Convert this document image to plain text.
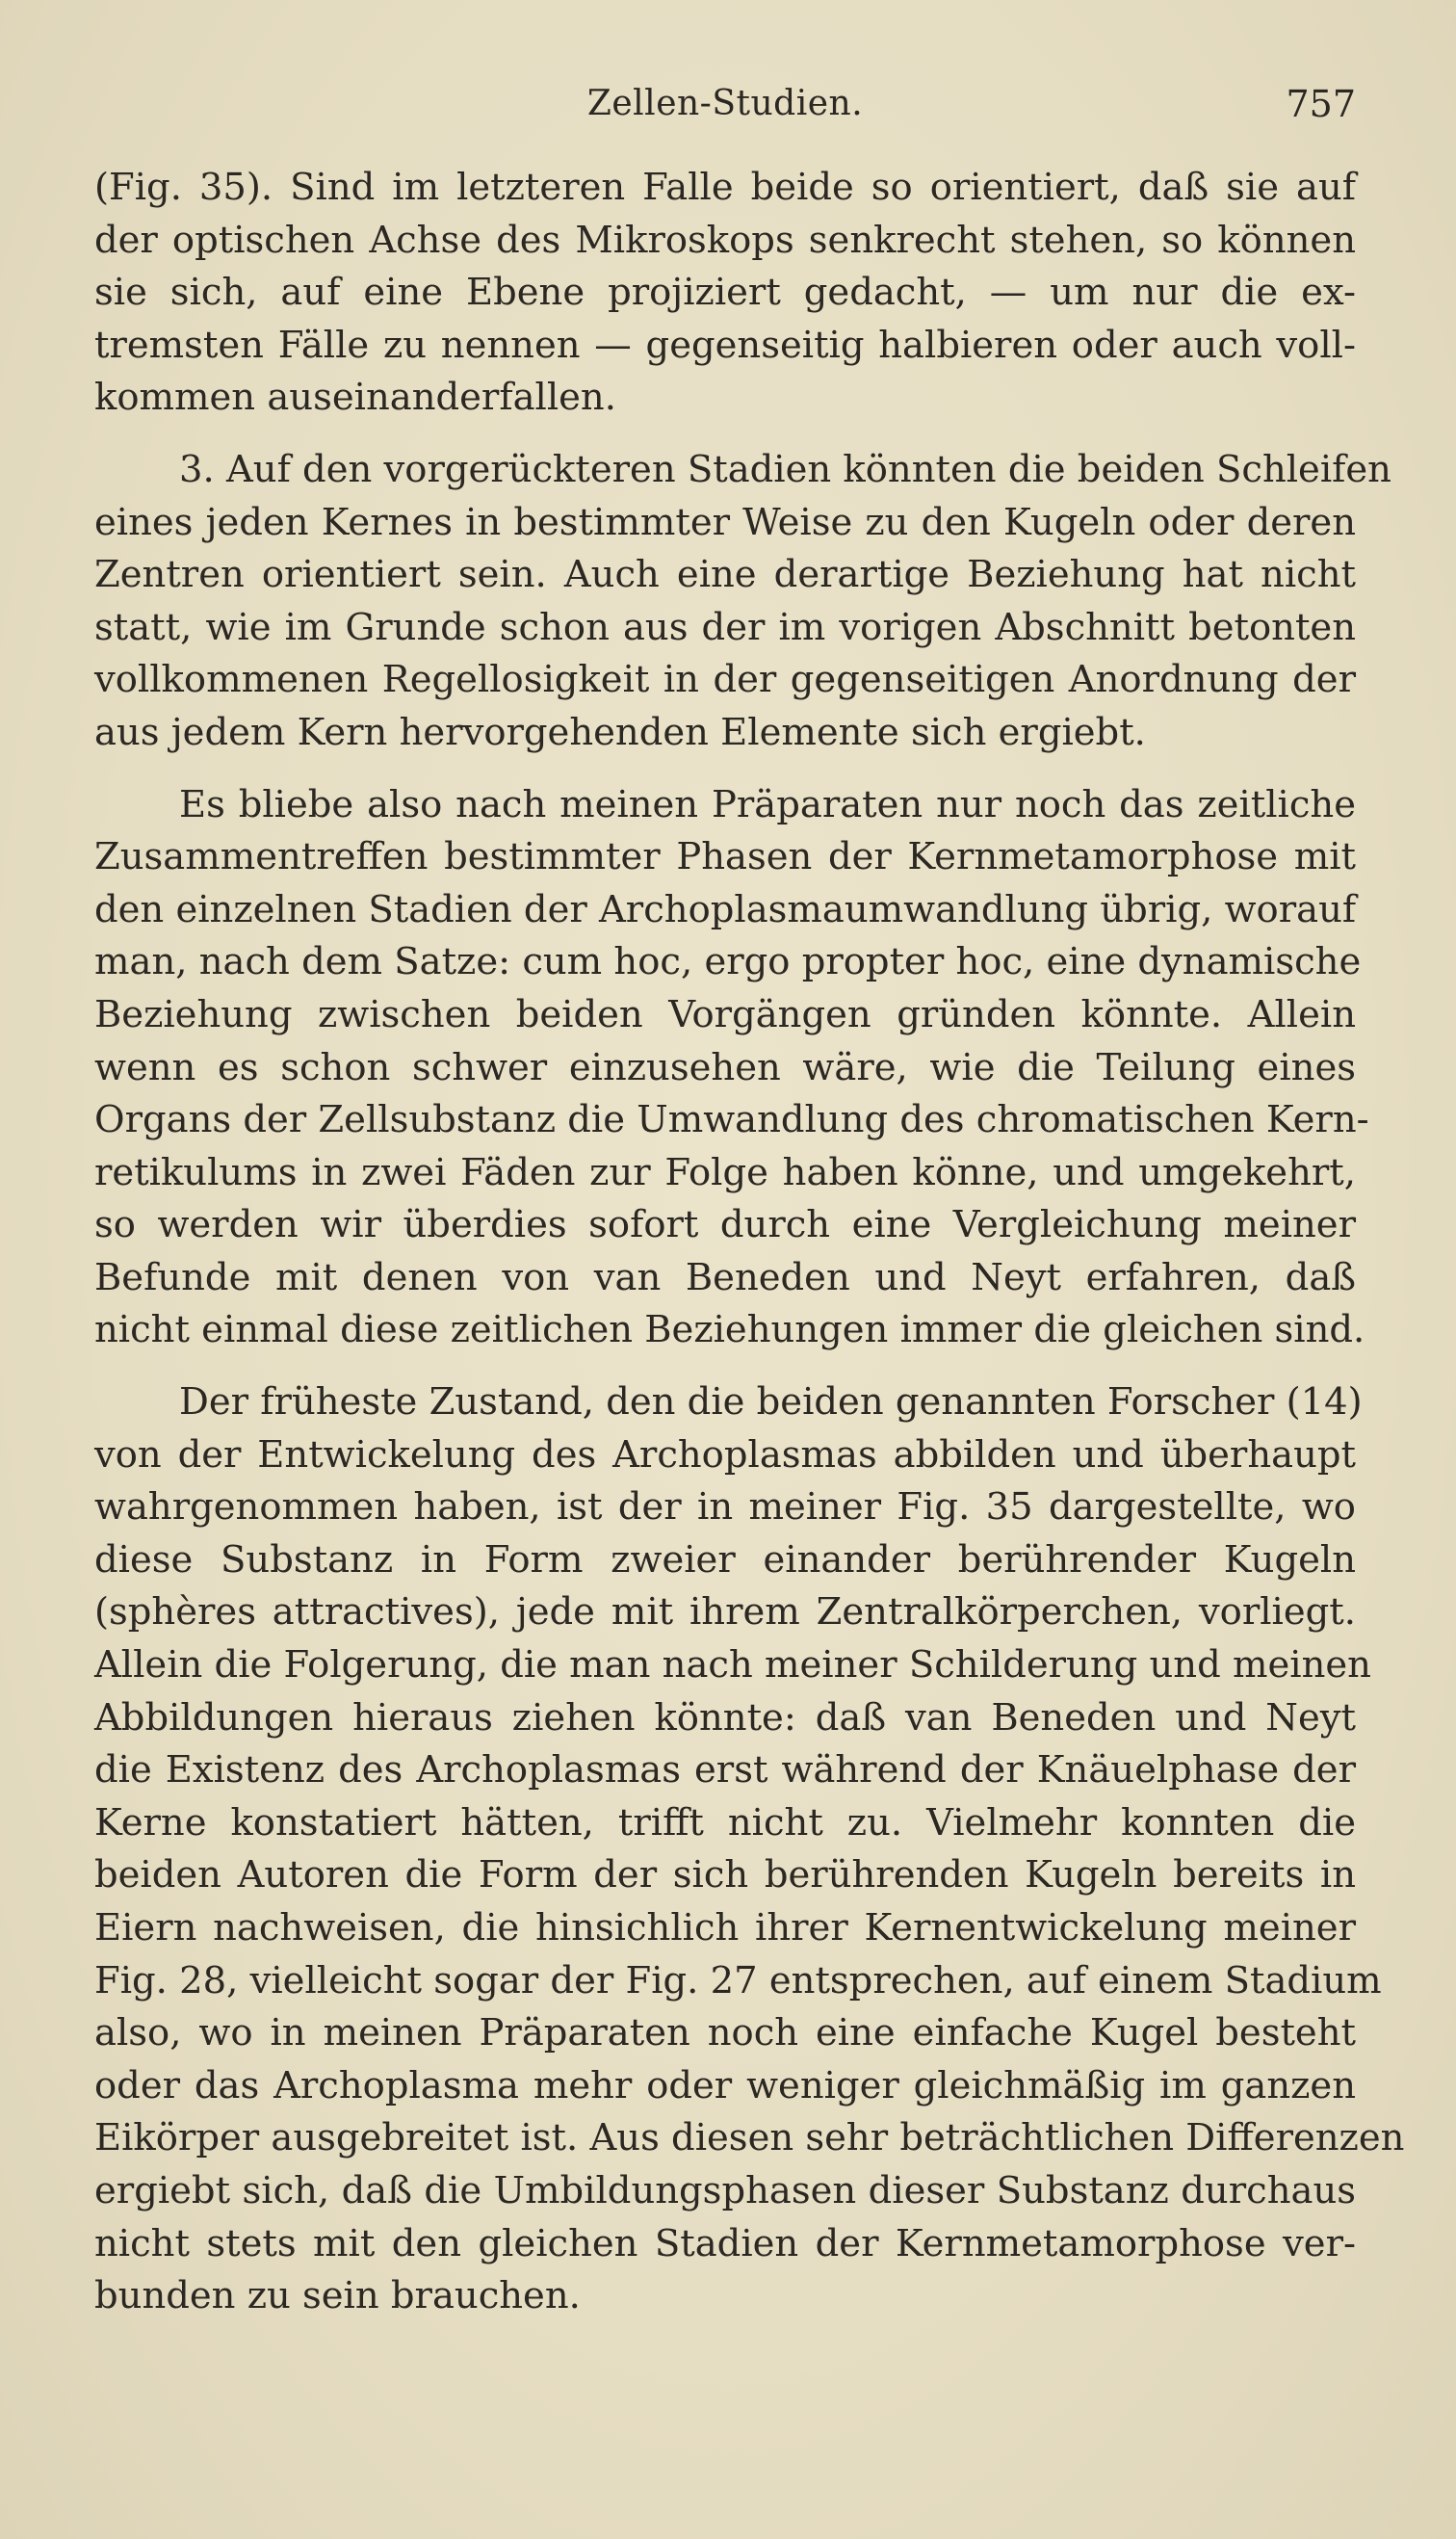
Zellen-Studien.	757

(Fig. 35). Sind im letzteren Falle beide so orientiert, daß sie auf
der optischen Achse des Mikroskops senkrecht stehen, so können
sie sich, auf eine Ebene projiziert gedacht, — um nur die ex-
tremsten Fälle zu nennen — gegenseitig halbieren oder auch voll-
kommen auseinanderfallen.

3. Auf den vorgerückteren Stadien könnten die beiden Schleifen
eines jeden Kernes in bestimmter Weise zu den Kugeln oder deren
Zentren orientiert sein. Auch eine derartige Beziehung hat nicht
statt, wie im Grunde schon aus der im vorigen Abschnitt betonten
vollkommenen Regellosigkeit in der gegenseitigen Anordnung der
aus jedem Kern hervorgehenden Elemente sich ergiebt.

Es bliebe also nach meinen Präparaten nur noch das zeitliche
Zusammentreffen bestimmter Phasen der Kernmetamorphose mit
den einzelnen Stadien der Archoplasmaumwandlung übrig, worauf
man, nach dem Satze: cum hoc, ergo propter hoc, eine dynamische
Beziehung zwischen beiden Vorgängen gründen könnte. Allein
wenn es schon schwer einzusehen wäre, wie die Teilung eines
Organs der Zellsubstanz die Umwandlung des chromatischen Kern-
retikulums in zwei Fäden zur Folge haben könne, und umgekehrt,
so werden wir überdies sofort durch eine Vergleichung meiner
Befunde mit denen von van Beneden und Neyt erfahren, daß
nicht einmal diese zeitlichen Beziehungen immer die gleichen sind.

Der früheste Zustand, den die beiden genannten Forscher (14)
von der Entwickelung des Archoplasmas abbilden und überhaupt
wahrgenommen haben, ist der in meiner Fig. 35 dargestellte, wo
diese Substanz in Form zweier einander berührender Kugeln
(sphères attractives), jede mit ihrem Zentralkörperchen, vorliegt.
Allein die Folgerung, die man nach meiner Schilderung und meinen
Abbildungen hieraus ziehen könnte: daß van Beneden und Neyt
die Existenz des Archoplasmas erst während der Knäuelphase der
Kerne konstatiert hätten, trifft nicht zu. Vielmehr konnten die
beiden Autoren die Form der sich berührenden Kugeln bereits in
Eiern nachweisen, die hinsichlich ihrer Kernentwickelung meiner
Fig. 28, vielleicht sogar der Fig. 27 entsprechen, auf einem Stadium
also, wo in meinen Präparaten noch eine einfache Kugel besteht
oder das Archoplasma mehr oder weniger gleichmäßig im ganzen
Eikörper ausgebreitet ist. Aus diesen sehr beträchtlichen Differenzen
ergiebt sich, daß die Umbildungsphasen dieser Substanz durchaus
nicht stets mit den gleichen Stadien der Kernmetamorphose ver-
bunden zu sein brauchen.
